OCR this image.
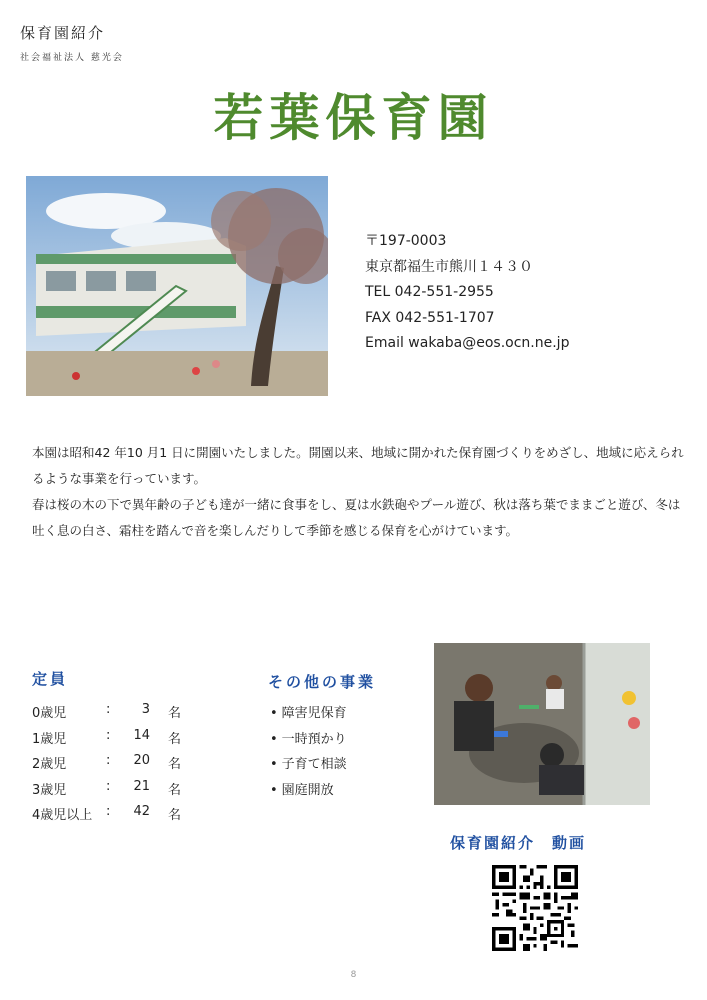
保育園紹介
社会福祉法人 慈光会
若葉保育園
〒197-0003
東京都福生市熊川１４３０
TEL 042-551-2955
FAX 042-551-1707
Email wakaba@eos.ocn.ne.jp

本園は昭和42 年10 月1 日に開園いたしました。開園以来、地域に開かれた保育園づくりをめざし、地域に応えられるような事業を行っています。

春は桜の木の下で異年齢の子ども達が一緒に食事をし、夏は水鉄砲やプール遊び、秋は落ち葉でままごと遊び、冬は吐く息の白さ、霜柱を踏んで音を楽しんだりして季節を感じる保育を心がけています。

定員
0歳児	:	3 名
1歳児	:	14 名
2歳児	:	20 名
3歳児	:	21 名
4歳児以上 :	42 名
その他の事業
• 障害児保育
• 一時預かり
• 子育て相談
• 園庭開放
保育園紹介　動画
8
